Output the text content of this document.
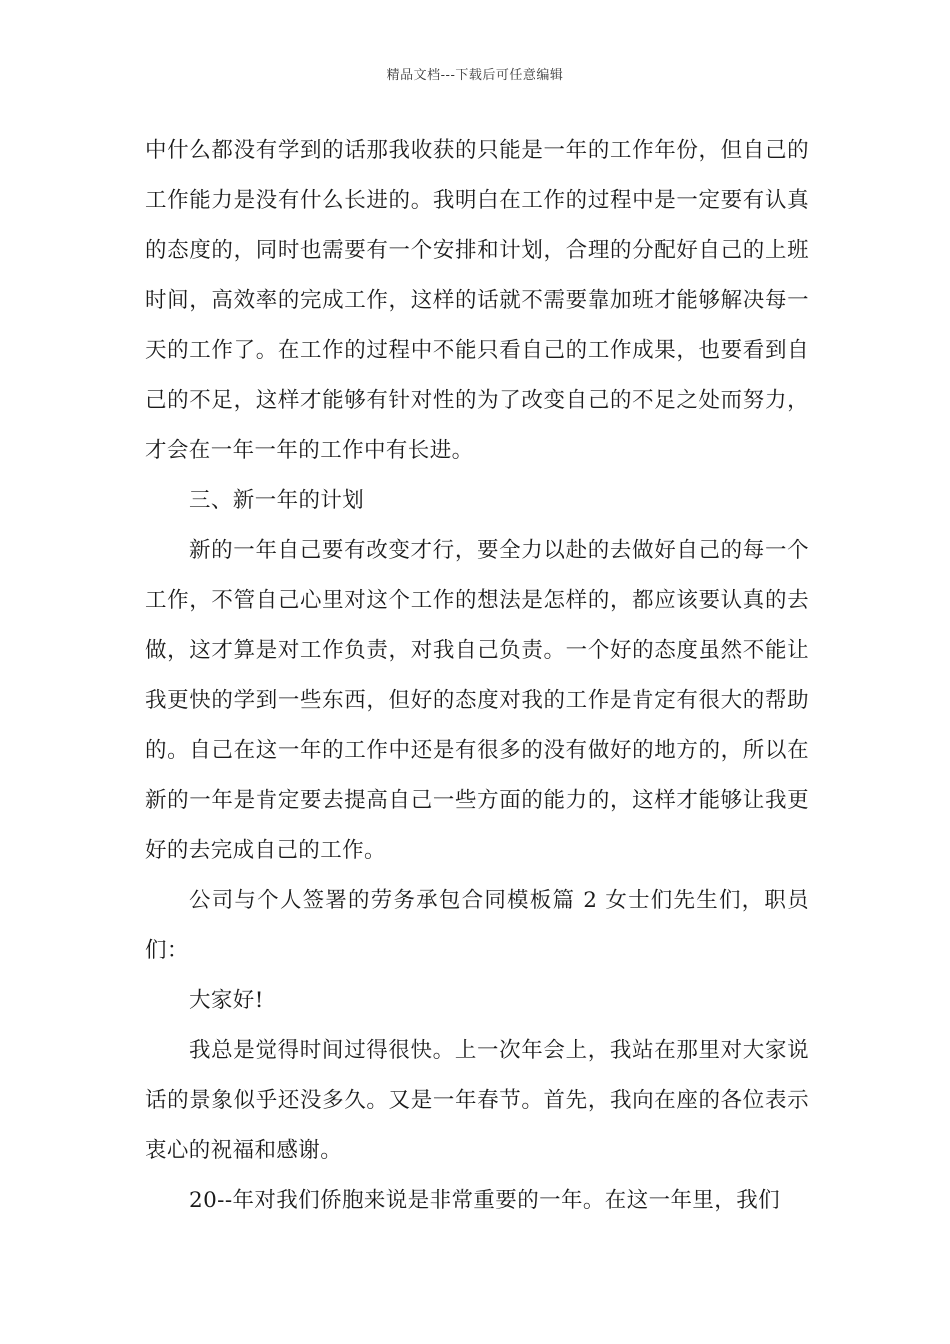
精品文档---下载后可任意编辑

中什么都没有学到的话那我收获的只能是一年的工作年份，但自己的工作能力是没有什么长进的。我明白在工作的过程中是一定要有认真的态度的，同时也需要有一个安排和计划，合理的分配好自己的上班时间，高效率的完成工作，这样的话就不需要靠加班才能够解决每一天的工作了。在工作的过程中不能只看自己的工作成果，也要看到自己的不足，这样才能够有针对性的为了改变自己的不足之处而努力，才会在一年一年的工作中有长进。

三、新一年的计划

新的一年自己要有改变才行，要全力以赴的去做好自己的每一个工作，不管自己心里对这个工作的想法是怎样的，都应该要认真的去做，这才算是对工作负责，对我自己负责。一个好的态度虽然不能让我更快的学到一些东西，但好的态度对我的工作是肯定有很大的帮助的。自己在这一年的工作中还是有很多的没有做好的地方的，所以在新的一年是肯定要去提高自己一些方面的能力的，这样才能够让我更好的去完成自己的工作。

公司与个人签署的劳务承包合同模板篇 2 女士们先生们，职员们：

大家好!

我总是觉得时间过得很快。上一次年会上，我站在那里对大家说话的景象似乎还没多久。又是一年春节。首先，我向在座的各位表示衷心的祝福和感谢。

20--年对我们侨胞来说是非常重要的一年。在这一年里，我们
